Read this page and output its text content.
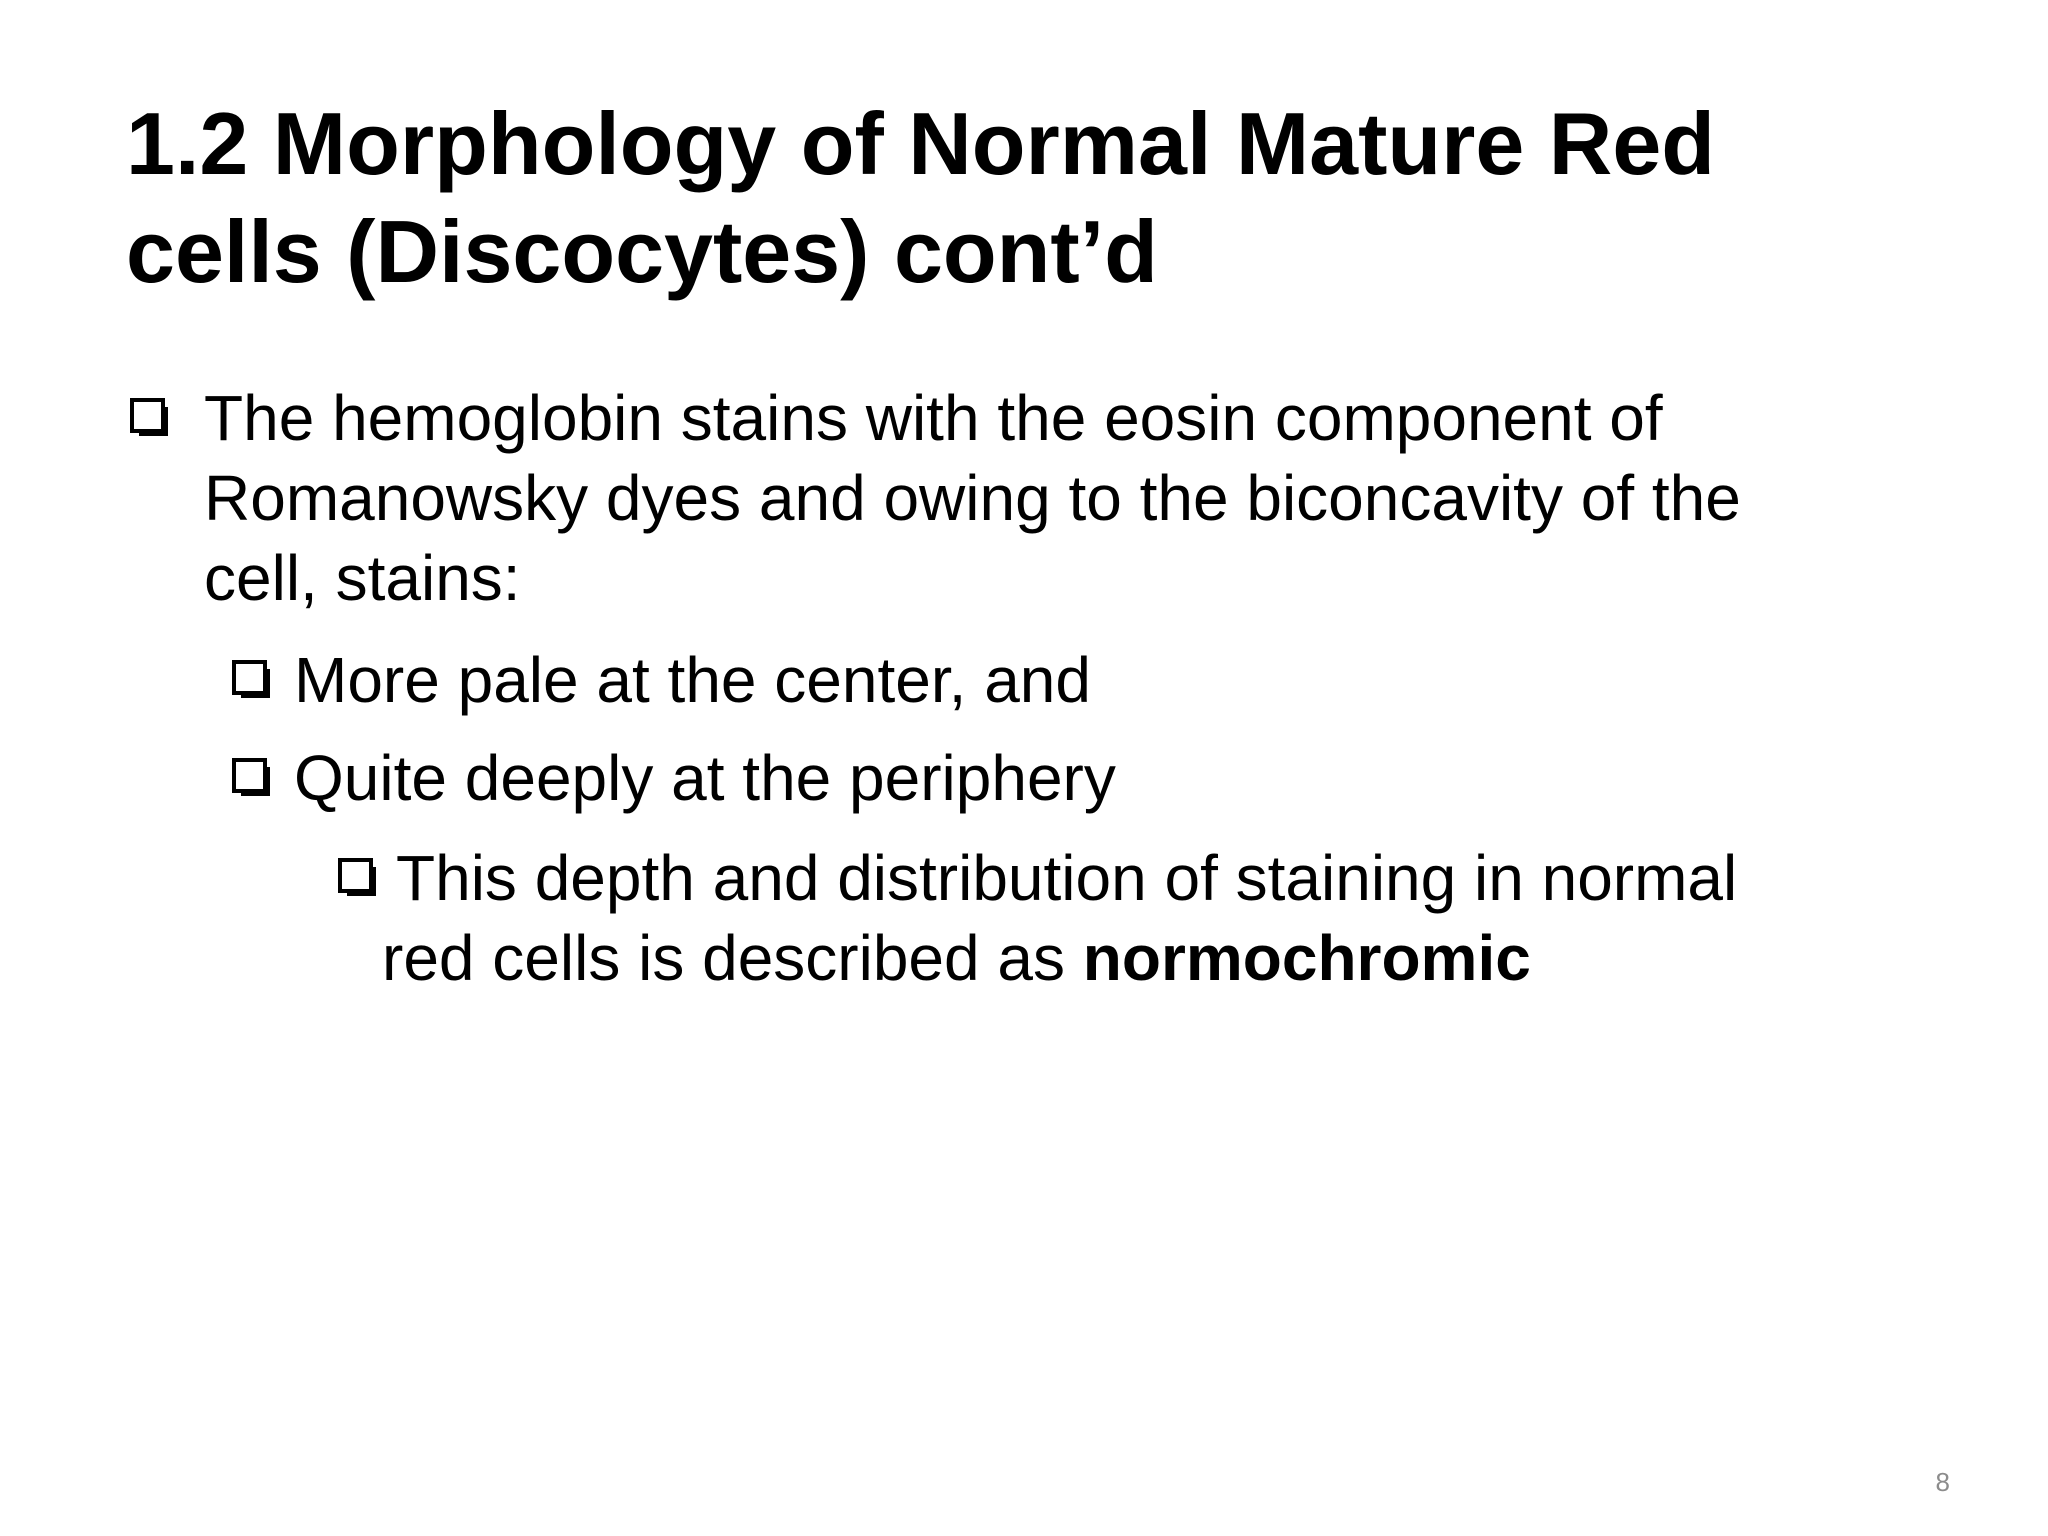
1.2 Morphology of Normal Mature Red
cells (Discocytes) cont’d
The hemoglobin stains with the eosin component of
Romanowsky dyes and owing to the biconcavity of the
cell, stains:
More pale at the center, and
Quite deeply at the periphery
This depth and distribution of staining in normal
red cells is described as normochromic
8
